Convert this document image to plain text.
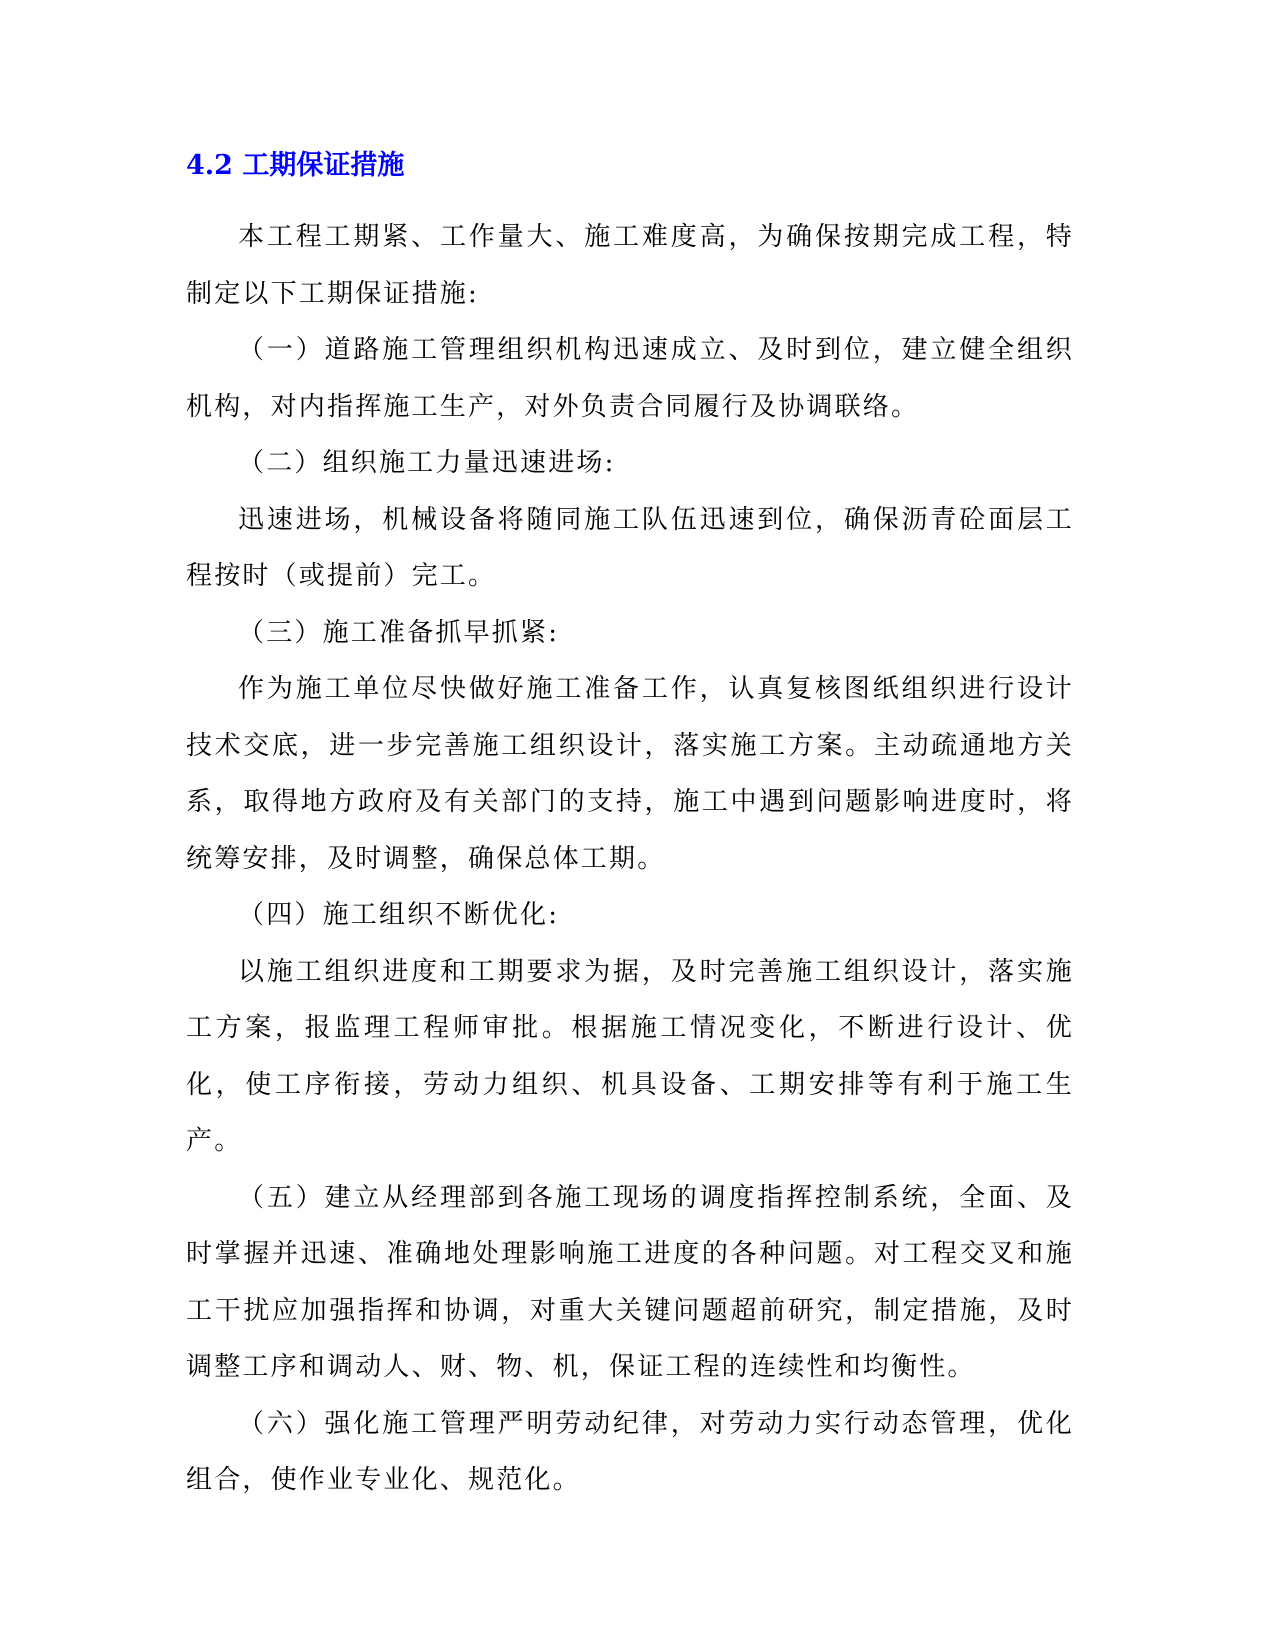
4.2 工期保证措施

本工程工期紧、工作量大、施工难度高，为确保按期完成工程，特制定以下工期保证措施:

（一）道路施工管理组织机构迅速成立、及时到位，建立健全组织机构，对内指挥施工生产，对外负责合同履行及协调联络。

（二）组织施工力量迅速进场:

迅速进场，机械设备将随同施工队伍迅速到位，确保沥青砼面层工程按时（或提前）完工。

（三）施工准备抓早抓紧:

作为施工单位尽快做好施工准备工作，认真复核图纸组织进行设计技术交底，进一步完善施工组织设计，落实施工方案。主动疏通地方关系，取得地方政府及有关部门的支持，施工中遇到问题影响进度时，将统筹安排，及时调整，确保总体工期。

（四）施工组织不断优化:

以施工组织进度和工期要求为据，及时完善施工组织设计，落实施工方案，报监理工程师审批。根据施工情况变化，不断进行设计、优化，使工序衔接，劳动力组织、机具设备、工期安排等有利于施工生产。

（五）建立从经理部到各施工现场的调度指挥控制系统，全面、及时掌握并迅速、准确地处理影响施工进度的各种问题。对工程交叉和施工干扰应加强指挥和协调，对重大关键问题超前研究，制定措施，及时调整工序和调动人、财、物、机，保证工程的连续性和均衡性。

（六）强化施工管理严明劳动纪律，对劳动力实行动态管理，优化组合，使作业专业化、规范化。
